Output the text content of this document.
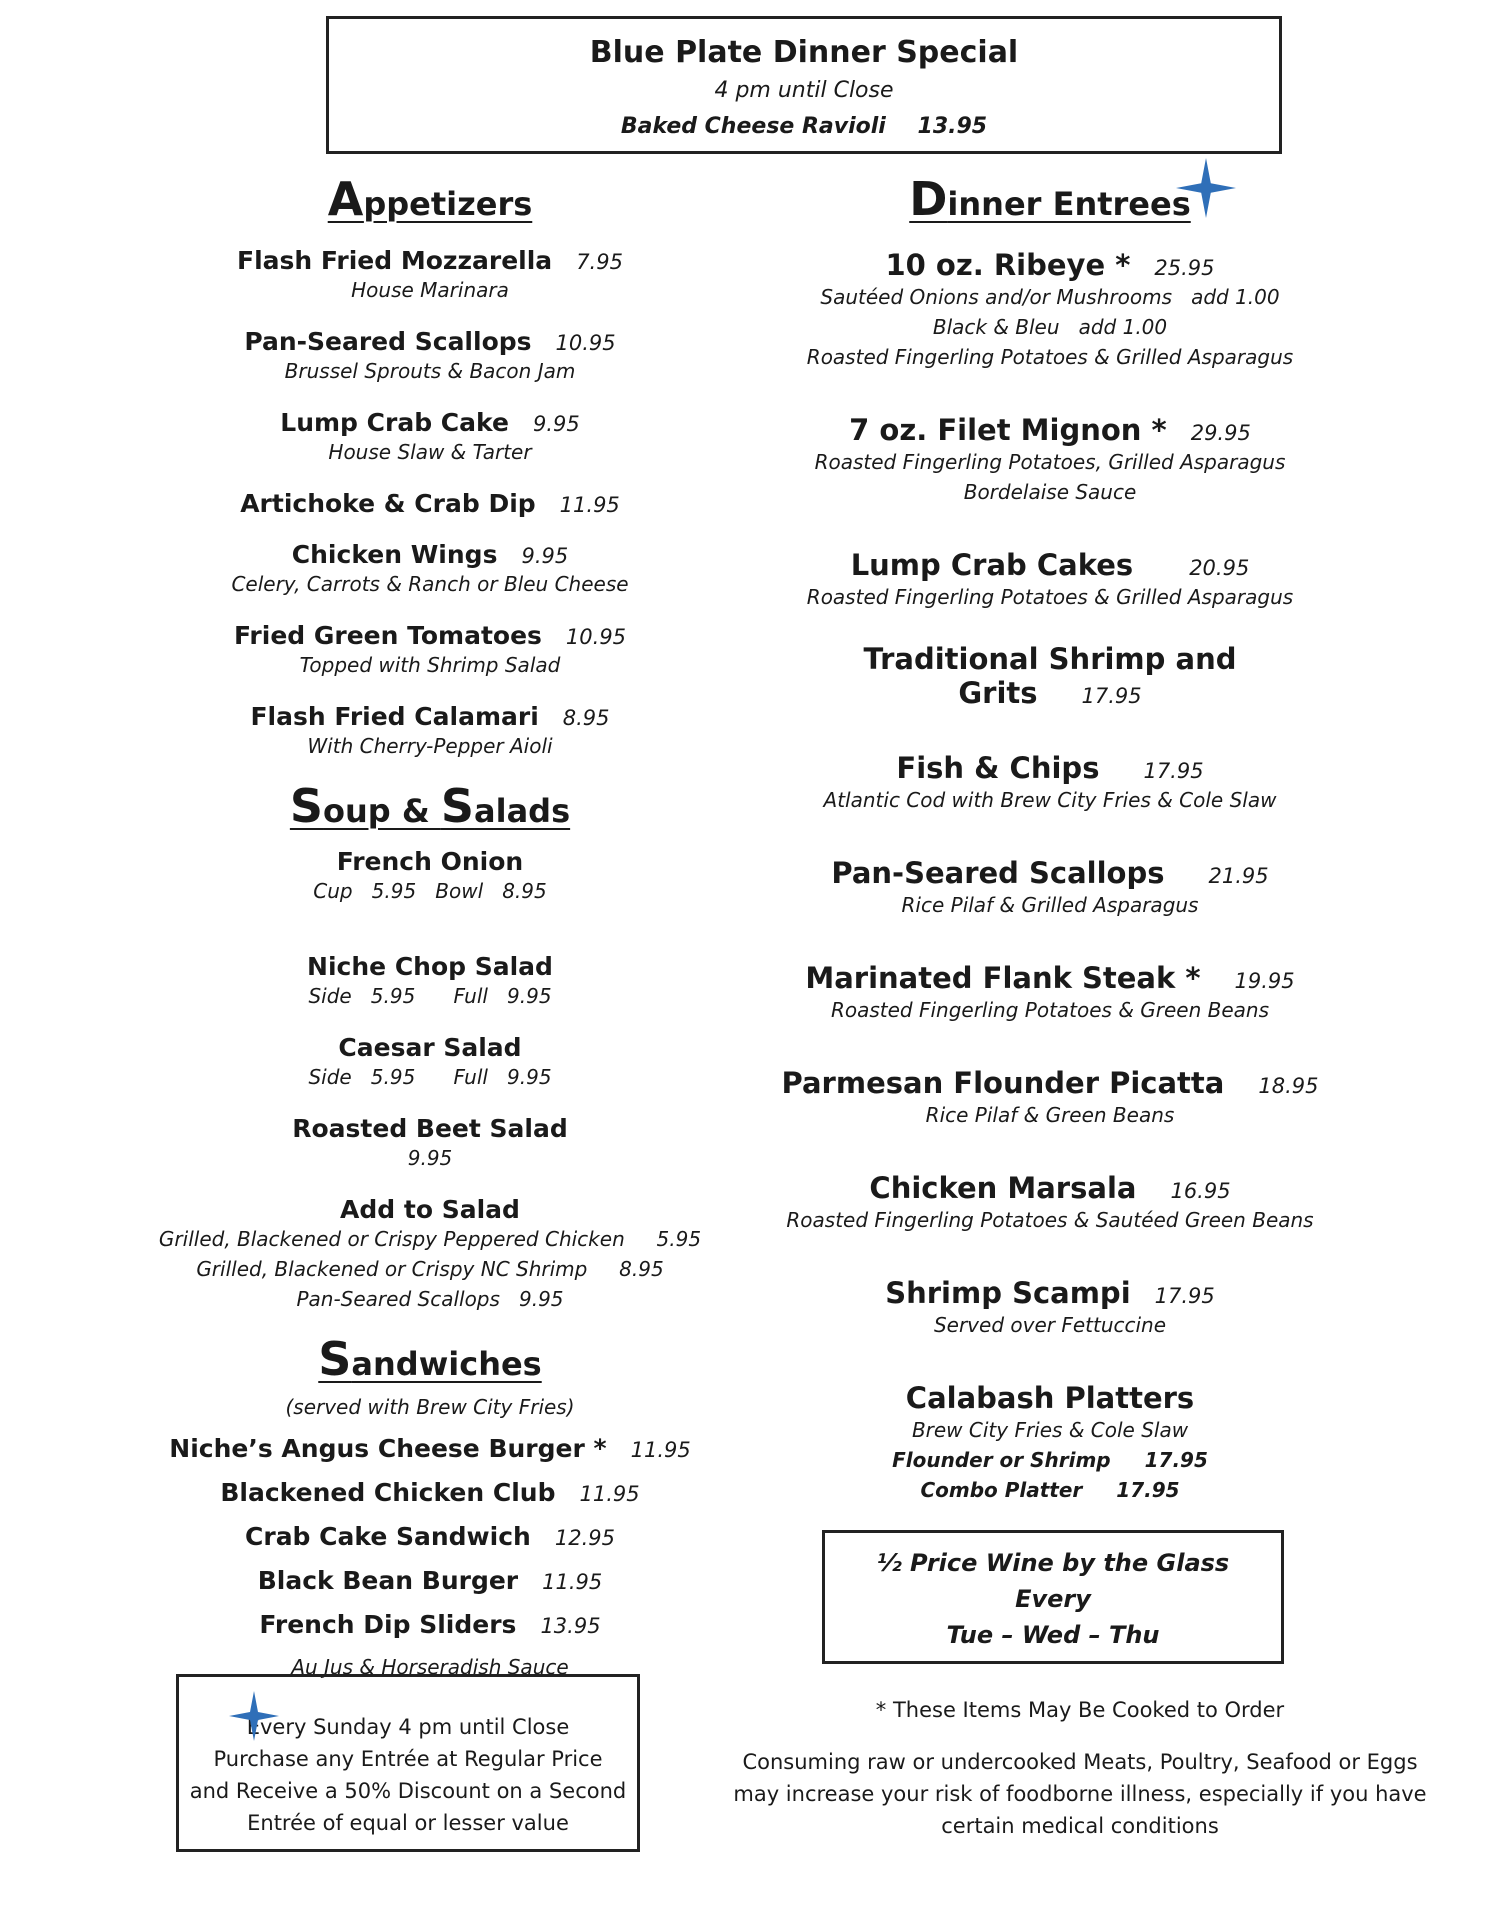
Blue Plate Dinner Special
4 pm until Close
Baked Cheese Ravioli 13.95
Appetizers
Flash Fried Mozzarella 7.95
House Marinara
Pan-Seared Scallops 10.95
Brussel Sprouts & Bacon Jam
Lump Crab Cake 9.95
House Slaw & Tarter
Artichoke & Crab Dip 11.95
Chicken Wings 9.95
Celery, Carrots & Ranch or Bleu Cheese
Fried Green Tomatoes 10.95
Topped with Shrimp Salad
Flash Fried Calamari 8.95
With Cherry-Pepper Aioli
Soup & Salads
French Onion
Cup   5.95   Bowl   8.95
Niche Chop Salad
Side   5.95      Full   9.95
Caesar Salad
Side   5.95      Full   9.95
Roasted Beet Salad
9.95
Add to Salad
Grilled, Blackened or Crispy Peppered Chicken     5.95
Grilled, Blackened or Crispy NC Shrimp     8.95
Pan-Seared Scallops   9.95
Sandwiches
(served with Brew City Fries)
Niche’s Angus Cheese Burger * 11.95
Blackened Chicken Club 11.95
Crab Cake Sandwich 12.95
Black Bean Burger 11.95
French Dip Sliders 13.95
Au Jus & Horseradish Sauce
Every Sunday 4 pm until Close
Purchase any Entrée at Regular Price
and Receive a 50% Discount on a Second
Entrée of equal or lesser value
Dinner Entrees
10 oz. Ribeye * 25.95
Sautéed Onions and/or Mushrooms   add 1.00
Black & Bleu   add 1.00
Roasted Fingerling Potatoes & Grilled Asparagus
7 oz. Filet Mignon * 29.95
Roasted Fingerling Potatoes, Grilled Asparagus
Bordelaise Sauce
Lump Crab Cakes	20.95
Roasted Fingerling Potatoes & Grilled Asparagus
Traditional Shrimp and Grits 17.95
Fish & Chips 17.95
Atlantic Cod with Brew City Fries & Cole Slaw
Pan-Seared Scallops 21.95
Rice Pilaf & Grilled Asparagus
Marinated Flank Steak * 19.95
Roasted Fingerling Potatoes & Green Beans
Parmesan Flounder Picatta 18.95
Rice Pilaf & Green Beans
Chicken Marsala 16.95
Roasted Fingerling Potatoes & Sautéed Green Beans
Shrimp Scampi 17.95
Served over Fettuccine
Calabash Platters
Brew City Fries & Cole Slaw
Flounder or Shrimp 17.95
Combo Platter 17.95
½ Price Wine by the Glass
Every
Tue – Wed – Thu
* These Items May Be Cooked to Order
Consuming raw or undercooked Meats, Poultry, Seafood or Eggs
may increase your risk of foodborne illness, especially if you have
certain medical conditions
